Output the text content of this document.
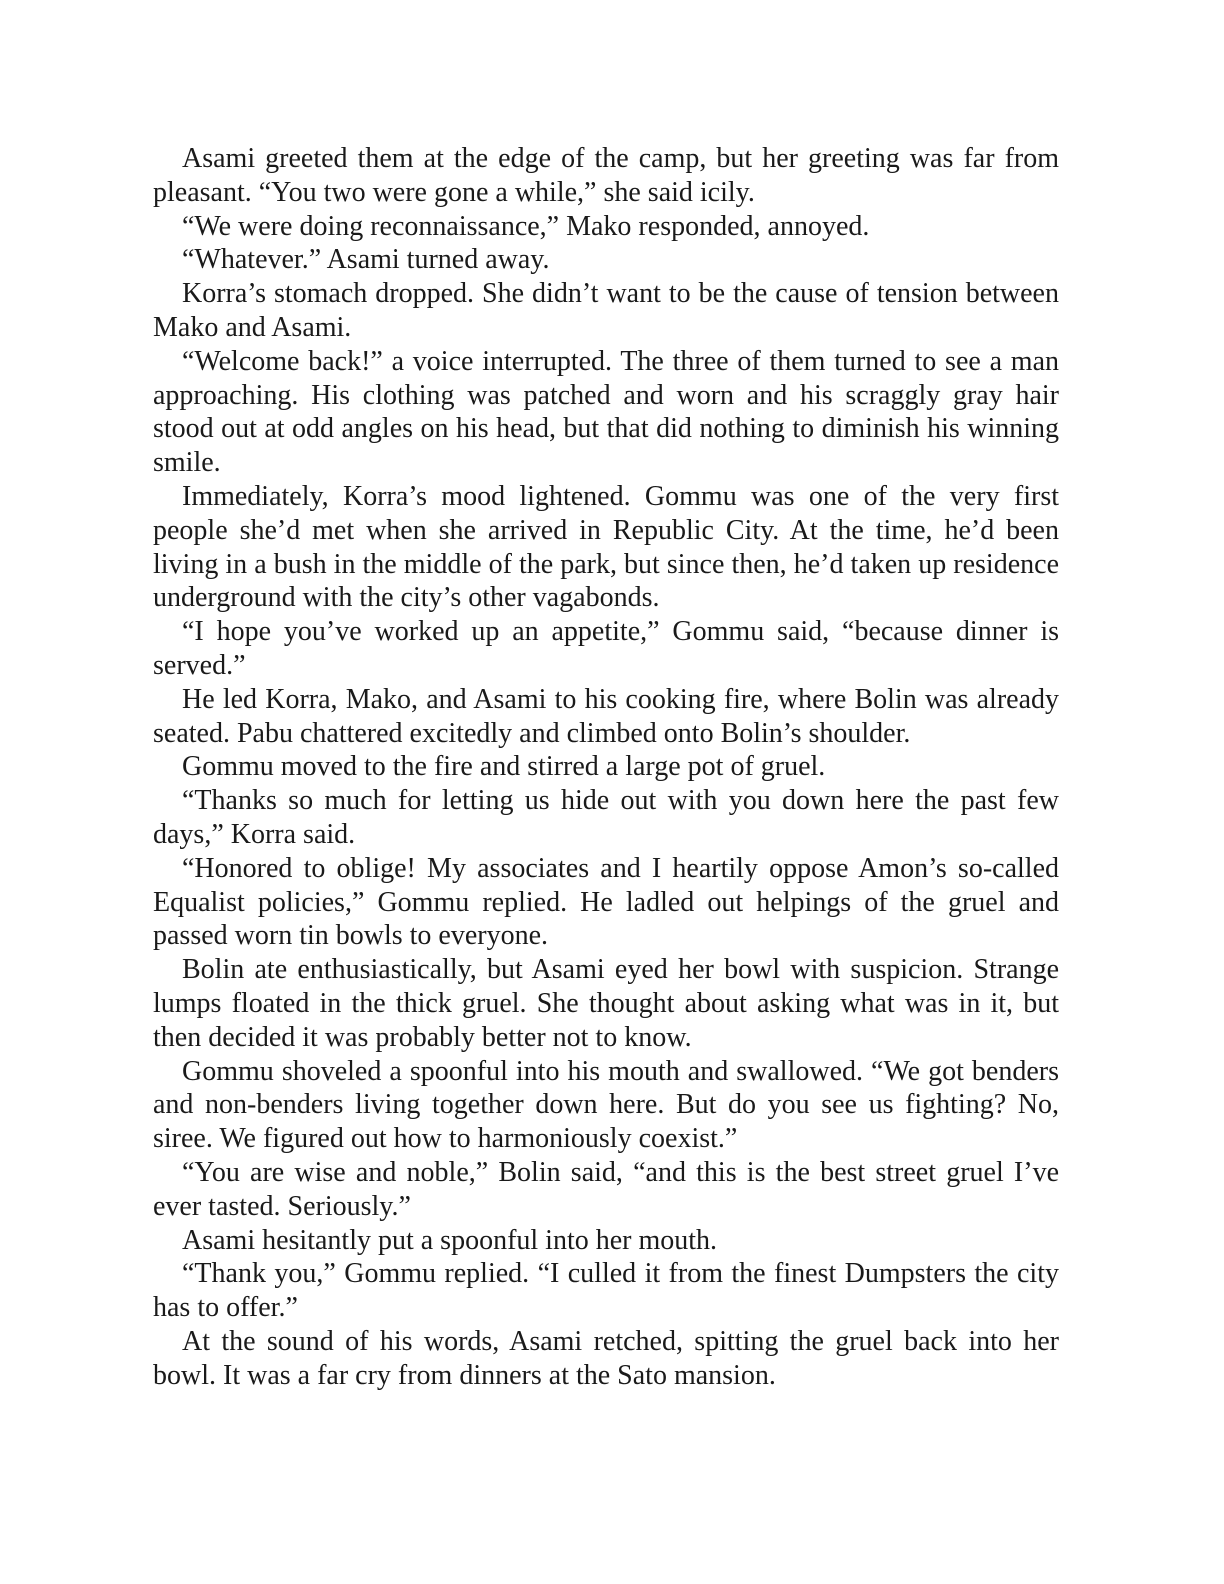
Asami greeted them at the edge of the camp, but her greeting was far from pleasant. “You two were gone a while,” she said icily.

“We were doing reconnaissance,” Mako responded, annoyed.

“Whatever.” Asami turned away.

Korra’s stomach dropped. She didn’t want to be the cause of tension between Mako and Asami.

“Welcome back!” a voice interrupted. The three of them turned to see a man approaching. His clothing was patched and worn and his scraggly gray hair stood out at odd angles on his head, but that did nothing to diminish his winning smile.

Immediately, Korra’s mood lightened. Gommu was one of the very first people she’d met when she arrived in Republic City. At the time, he’d been living in a bush in the middle of the park, but since then, he’d taken up residence underground with the city’s other vagabonds.

“I hope you’ve worked up an appetite,” Gommu said, “because dinner is served.”

He led Korra, Mako, and Asami to his cooking fire, where Bolin was already seated. Pabu chattered excitedly and climbed onto Bolin’s shoulder.

Gommu moved to the fire and stirred a large pot of gruel.

“Thanks so much for letting us hide out with you down here the past few days,” Korra said.

“Honored to oblige! My associates and I heartily oppose Amon’s so-called Equalist policies,” Gommu replied. He ladled out helpings of the gruel and passed worn tin bowls to everyone.

Bolin ate enthusiastically, but Asami eyed her bowl with suspicion. Strange lumps floated in the thick gruel. She thought about asking what was in it, but then decided it was probably better not to know.

Gommu shoveled a spoonful into his mouth and swallowed. “We got benders and non-benders living together down here. But do you see us fighting? No, siree. We figured out how to harmoniously coexist.”

“You are wise and noble,” Bolin said, “and this is the best street gruel I’ve ever tasted. Seriously.”

Asami hesitantly put a spoonful into her mouth.

“Thank you,” Gommu replied. “I culled it from the finest Dumpsters the city has to offer.”

At the sound of his words, Asami retched, spitting the gruel back into her bowl. It was a far cry from dinners at the Sato mansion.
